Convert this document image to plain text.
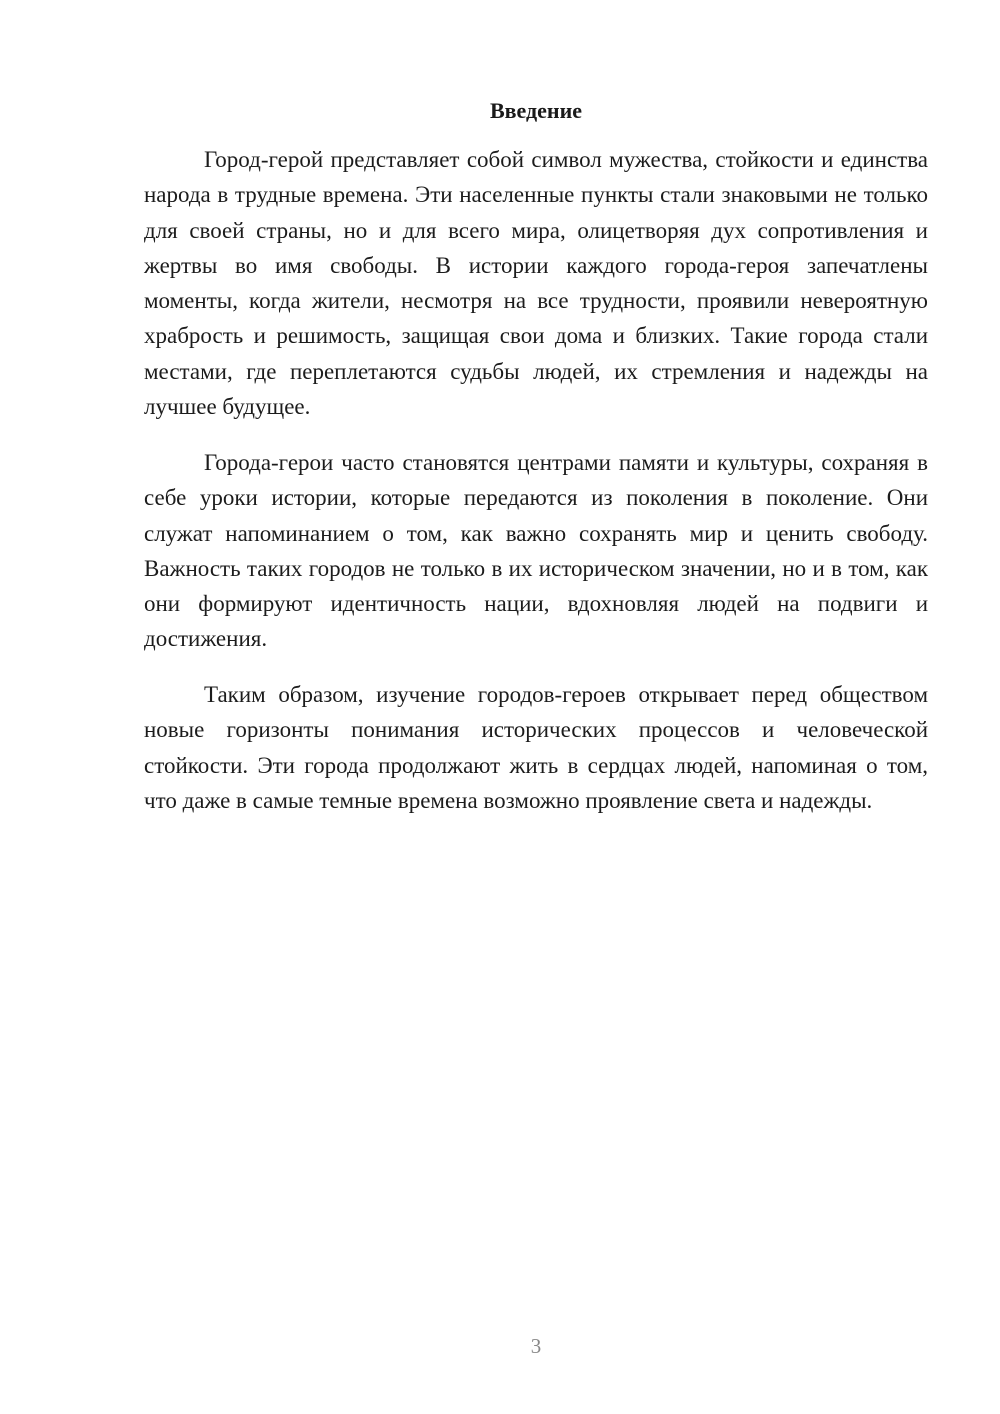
Введение

Город-герой представляет собой символ мужества, стойкости и единства народа в трудные времена. Эти населенные пункты стали знаковыми не только для своей страны, но и для всего мира, олицетворяя дух сопротивления и жертвы во имя свободы. В истории каждого города-героя запечатлены моменты, когда жители, несмотря на все трудности, проявили невероятную храбрость и решимость, защищая свои дома и близких. Такие города стали местами, где переплетаются судьбы людей, их стремления и надежды на лучшее будущее.

Города-герои часто становятся центрами памяти и культуры, сохраняя в себе уроки истории, которые передаются из поколения в поколение. Они служат напоминанием о том, как важно сохранять мир и ценить свободу. Важность таких городов не только в их историческом значении, но и в том, как они формируют идентичность нации, вдохновляя людей на подвиги и достижения.

Таким образом, изучение городов-героев открывает перед обществом новые горизонты понимания исторических процессов и человеческой стойкости. Эти города продолжают жить в сердцах людей, напоминая о том, что даже в самые темные времена возможно проявление света и надежды.

3
